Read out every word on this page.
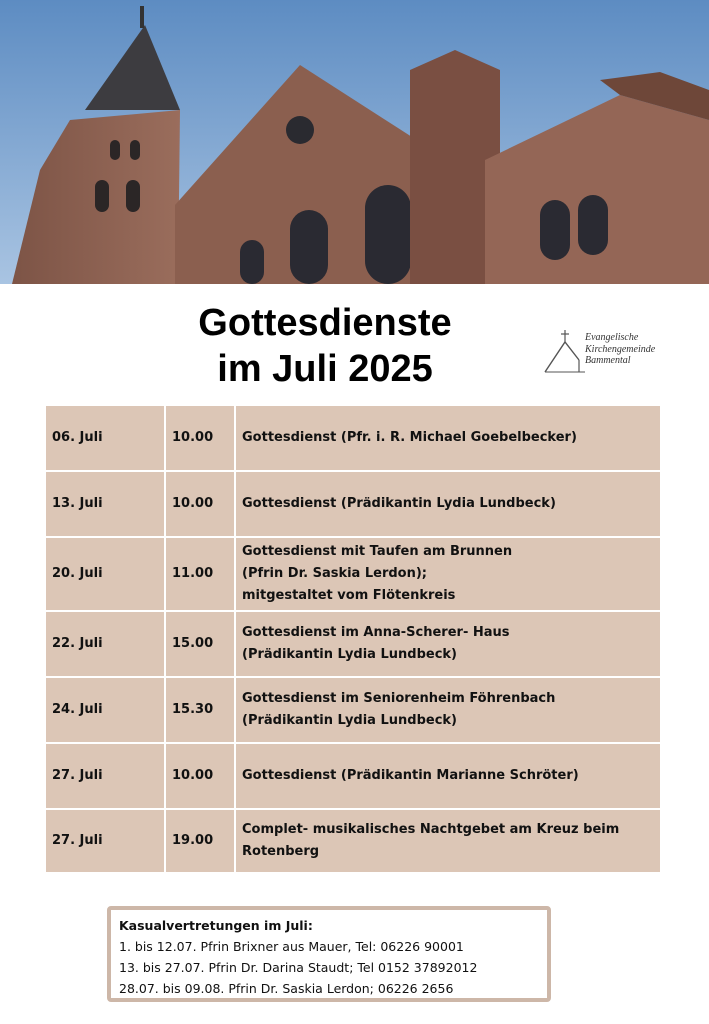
Gottesdienste
im Juli 2025
Evangelische
Kirchengemeinde
Bammental
06. Juli	10.00	Gottesdienst (Pfr. i. R. Michael Goebelbecker)

13. Juli	10.00	Gottesdienst (Prädikantin Lydia Lundbeck)

20. Juli	11.00	Gottesdienst mit Taufen am Brunnen
(Pfrin Dr. Saskia Lerdon);
mitgestaltet vom Flötenkreis

22. Juli	15.00	Gottesdienst im Anna-Scherer- Haus
(Prädikantin Lydia Lundbeck)

24. Juli	15.30	Gottesdienst im Seniorenheim Föhrenbach
(Prädikantin Lydia Lundbeck)

27. Juli	10.00	Gottesdienst (Prädikantin Marianne Schröter)

27. Juli	19.00	Complet- musikalisches Nachtgebet am Kreuz beim
Rotenberg
Kasualvertretungen im Juli:
1. bis 12.07. Pfrin Brixner aus Mauer, Tel: 06226 90001
13. bis 27.07. Pfrin Dr. Darina Staudt; Tel 0152 37892012
28.07. bis 09.08. Pfrin Dr. Saskia Lerdon; 06226 2656
